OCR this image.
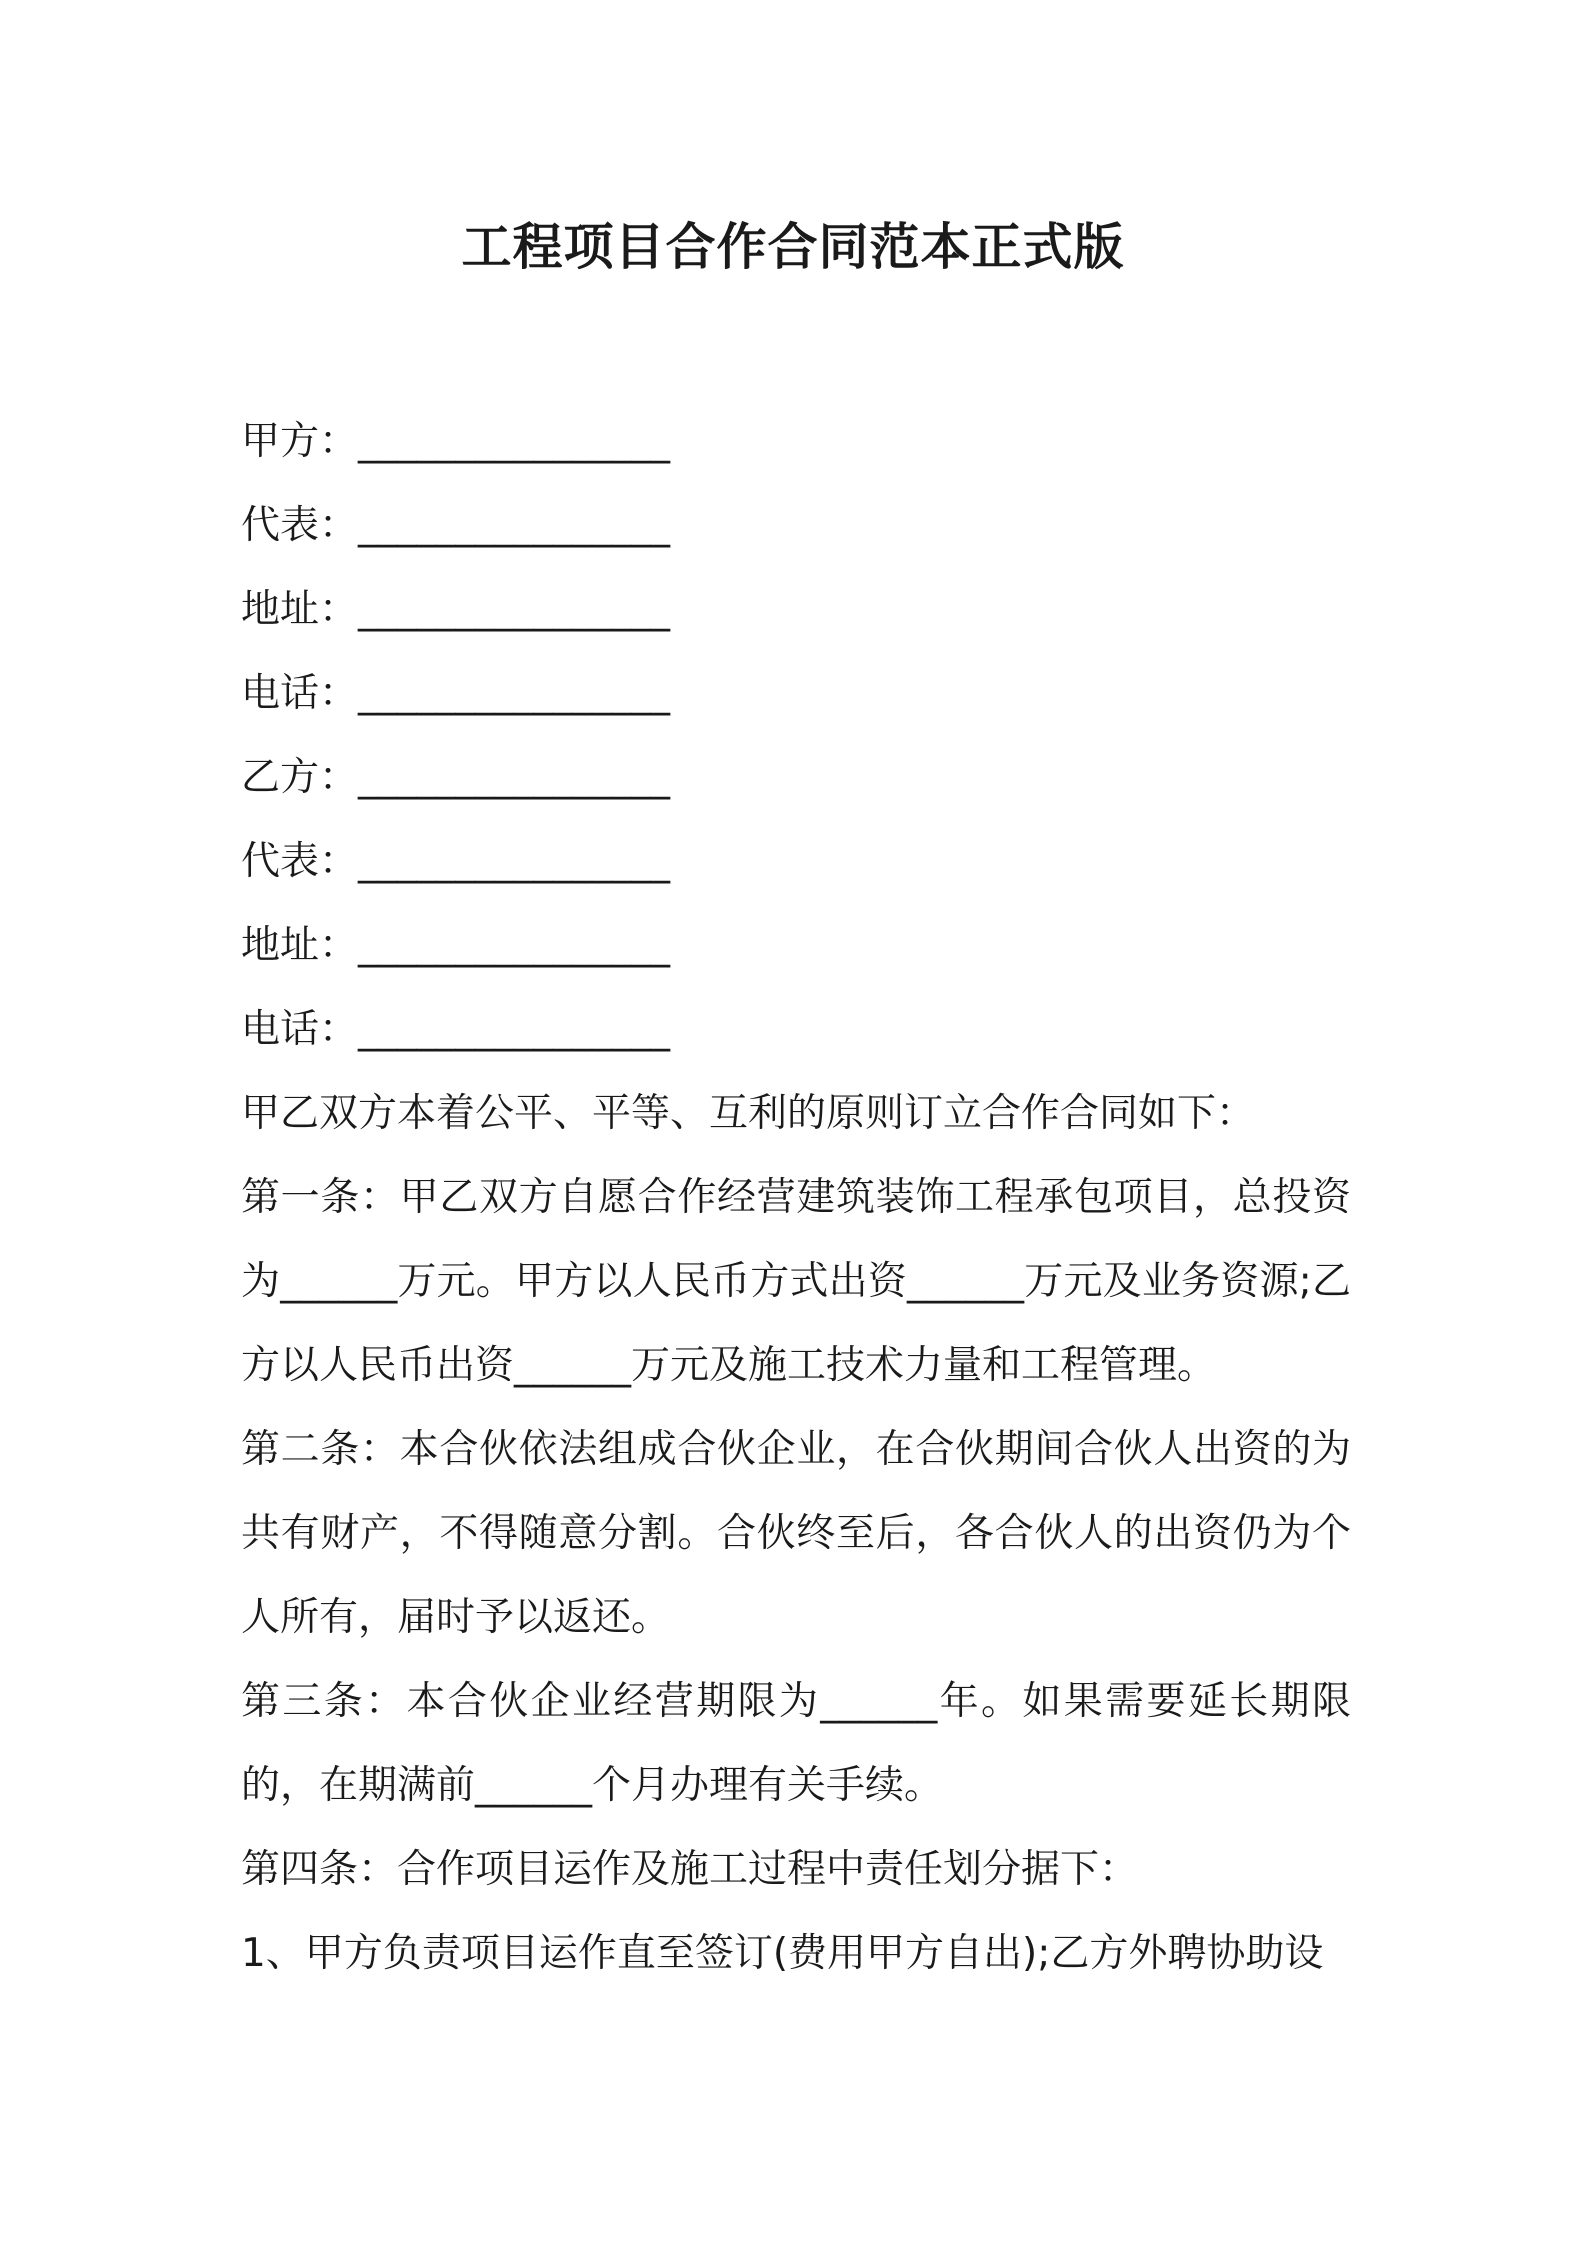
工程项目合作合同范本正式版
甲方：________________
代表：________________
地址：________________
电话：________________
乙方：________________
代表：________________
地址：________________
电话：________________

甲乙双方本着公平、平等、互利的原则订立合作合同如下：

第一条：甲乙双方自愿合作经营建筑装饰工程承包项目，总投资为______万元。甲方以人民币方式出资______万元及业务资源;乙方以人民币出资______万元及施工技术力量和工程管理。

第二条：本合伙依法组成合伙企业，在合伙期间合伙人出资的为共有财产，不得随意分割。合伙终至后，各合伙人的出资仍为个人所有，届时予以返还。

第三条：本合伙企业经营期限为______年。如果需要延长期限的，在期满前______个月办理有关手续。

第四条：合作项目运作及施工过程中责任划分据下：

1、甲方负责项目运作直至签订(费用甲方自出);乙方外聘协助设
